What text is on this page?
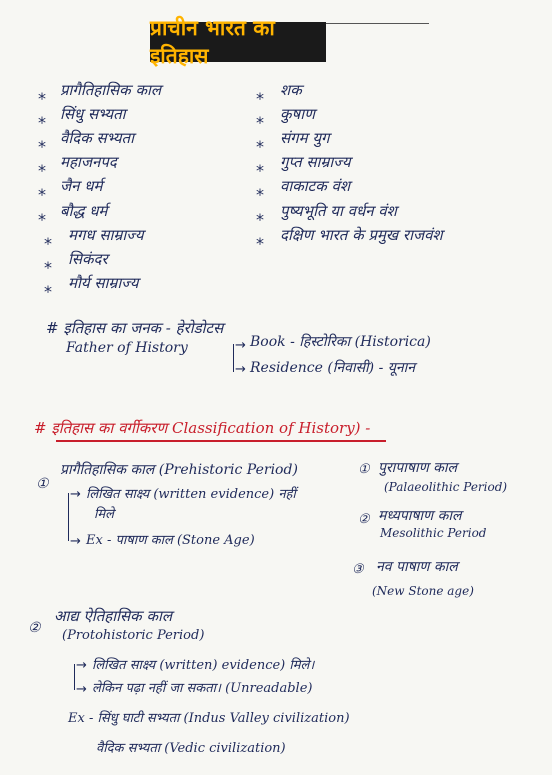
प्राचीन भारत का इतिहास
* प्रागैतिहासिक काल
* सिंधु सभ्यता
* वैदिक सभ्यता
* महाजनपद
* जैन धर्म
* बौद्ध धर्म
* मगध साम्राज्य
* सिकंदर
* मौर्य साम्राज्य
* शक
* कुषाण
* संगम युग
* गुप्त साम्राज्य
* वाकाटक वंश
* पुष्यभूति या वर्धन वंश
* दक्षिण भारत के प्रमुख राजवंश
# इतिहास का जनक - हेरोडोटस
Father of History	→ Book - हिस्टोरिका (Historica)
→ Residence (निवासी) - यूनान
# इतिहास का वर्गीकरण Classification of History) -
①
प्रागैतिहासिक काल (Prehistoric Period)
→ लिखित साक्ष्य (written evidence) नहीं
मिले
→ Ex - पाषाण काल (Stone Age)
① पुरापाषाण काल
(Palaeolithic Period)
② मध्यपाषाण काल
Mesolithic Period
③ नव पाषाण काल
(New Stone age)
②
आद्य ऐतिहासिक काल
(Protohistoric Period)
→ लिखित साक्ष्य (written) evidence) मिले।
→ लेकिन पढ़ा नहीं जा सकता। (Unreadable)
Ex - सिंधु घाटी सभ्यता (Indus Valley civilization)
वैदिक सभ्यता (Vedic civilization)
